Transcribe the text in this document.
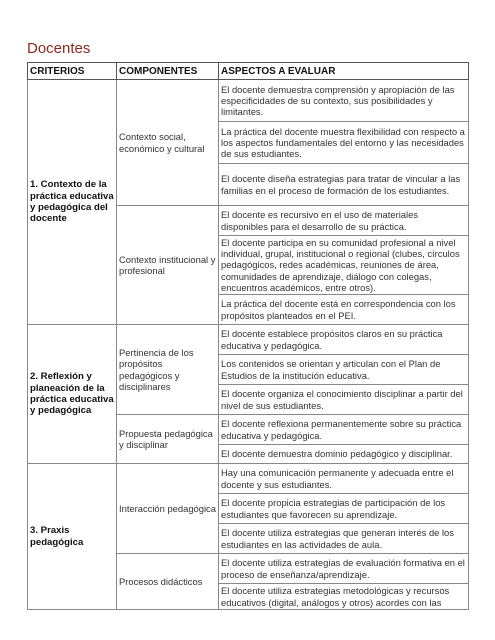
Docentes
CRITERIOS	COMPONENTES	ASPECTOS A EVALUAR
1. Contexto de la práctica educativa y pedagógica del docente	Contexto social, económico y cultural	El docente demuestra comprensión y apropiación de las especificidades de su contexto, sus posibilidades y limitantes.
		La práctica del docente muestra flexibilidad con respecto a los aspectos fundamentales del entorno y las necesidades de sus estudiantes.
		El docente diseña estrategias para tratar de vincular a las familias en el proceso de formación de los estudiantes.
	Contexto institucional y profesional	El docente es recursivo en el uso de materiales disponibles para el desarrollo de su práctica.
		El docente participa en su comunidad profesional a nivel individual, grupal, institucional o regional (clubes, círculos pedagógicos, redes académicas, reuniones de área, comunidades de aprendizaje, diálogo con colegas, encuentros académicos, entre otros).
		La práctica del docente está en correspondencia con los propósitos planteados en el PEI.
2. Reflexión y planeación de la práctica educativa y pedagógica	Pertinencia de los propósitos pedagógicos y disciplinares	El docente establece propósitos claros en su práctica educativa y pedagógica.
		Los contenidos se orientan y articulan con el Plan de Estudios de la institución educativa.
		El docente organiza el conocimiento disciplinar a partir del nivel de sus estudiantes.
	Propuesta pedagógica y disciplinar	El docente reflexiona permanentemente sobre su práctica educativa y pedagógica.
		El docente demuestra dominio pedagógico y disciplinar.
3. Praxis pedagógica	Interacción pedagógica	Hay una comunicación permanente y adecuada entre el docente y sus estudiantes.
		El docente propicia estrategias de participación de los estudiantes que favorecen su aprendizaje.
		El docente utiliza estrategias que generan interés de los estudiantes en las actividades de aula.
	Procesos didácticos	El docente utiliza estrategias de evaluación formativa en el proceso de enseñanza/aprendizaje.
		El docente utiliza estrategias metodológicas y recursos educativos (digital, análogos y otros) acordes con las
